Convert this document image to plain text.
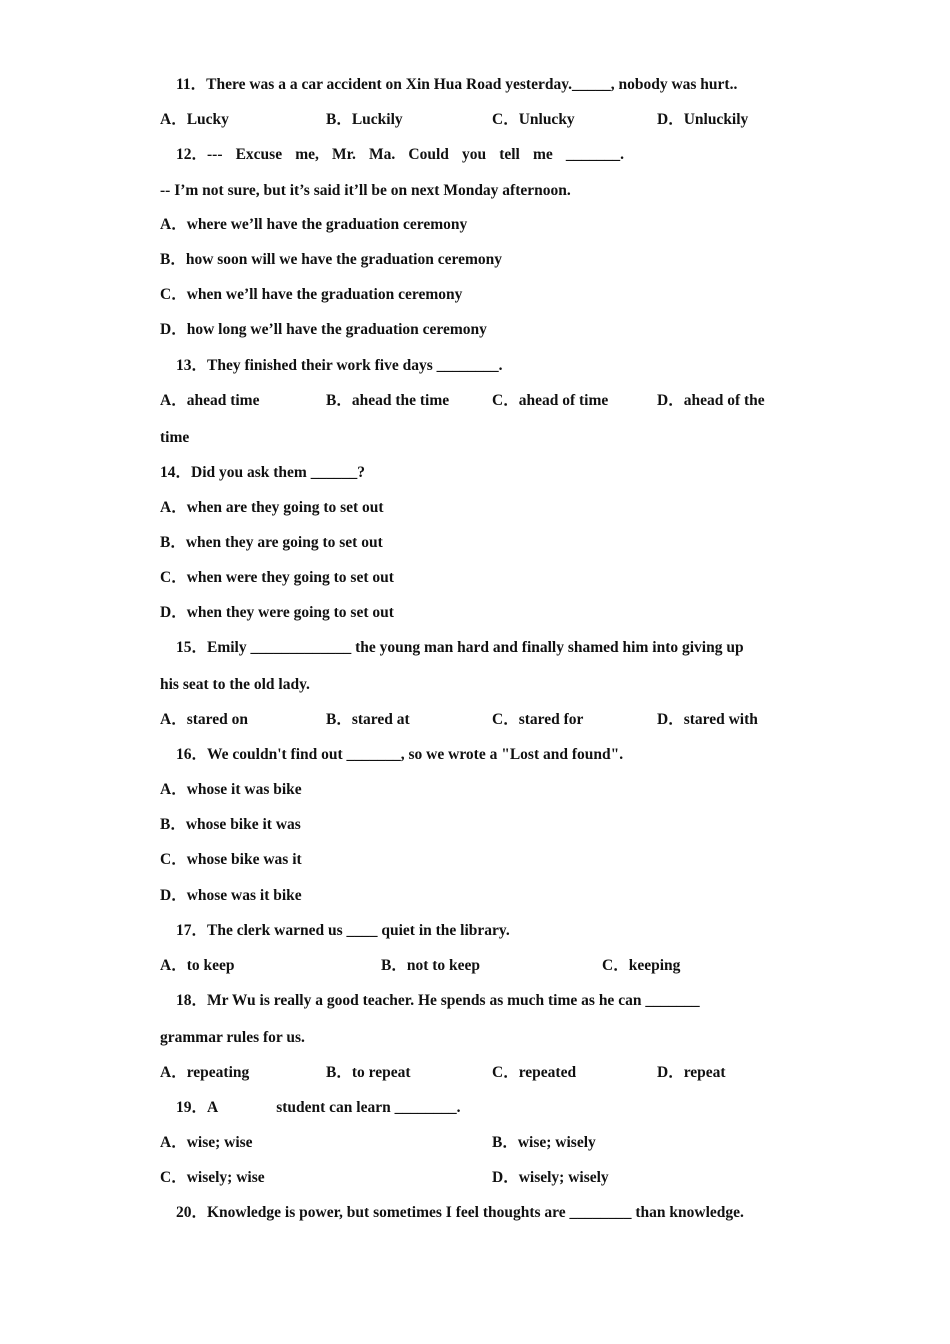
11．There was a a car accident on Xin Hua Road yesterday._____, nobody was hurt..
A．Lucky	B．Luckily	C．Unlucky	D．Unluckily
12．--- Excuse me, Mr. Ma. Could you tell me _______.
-- I’m not sure, but it’s said it’ll be on next Monday afternoon.
A．where we’ll have the graduation ceremony
B．how soon will we have the graduation ceremony
C．when we’ll have the graduation ceremony
D．how long we’ll have the graduation ceremony
13．They finished their work five days ________.
A．ahead time	B．ahead the time	C．ahead of time	D．ahead of the
time
14．Did you ask them ______?
A．when are they going to set out
B．when they are going to set out
C．when were they going to set out
D．when they were going to set out
15．Emily _____________ the young man hard and finally shamed him into giving up
his seat to the old lady.
A．stared on	B．stared at	C．stared for	D．stared with
16．We couldn't find out _______, so we wrote a "Lost and found".
A．whose it was bike
B．whose bike it was
C．whose bike was it
D．whose was it bike
17．The clerk warned us ____ quiet in the library.
A．to keep	B．not to keep	C．keeping
18．Mr Wu is really a good teacher. He spends as much time as he can _______
grammar rules for us.
A．repeating	B．to repeat	C．repeated	D．repeat
19．A	student can learn ________.
A．wise; wise	B．wise; wisely
C．wisely; wise	D．wisely; wisely
20．Knowledge is power, but sometimes I feel thoughts are ________ than knowledge.
